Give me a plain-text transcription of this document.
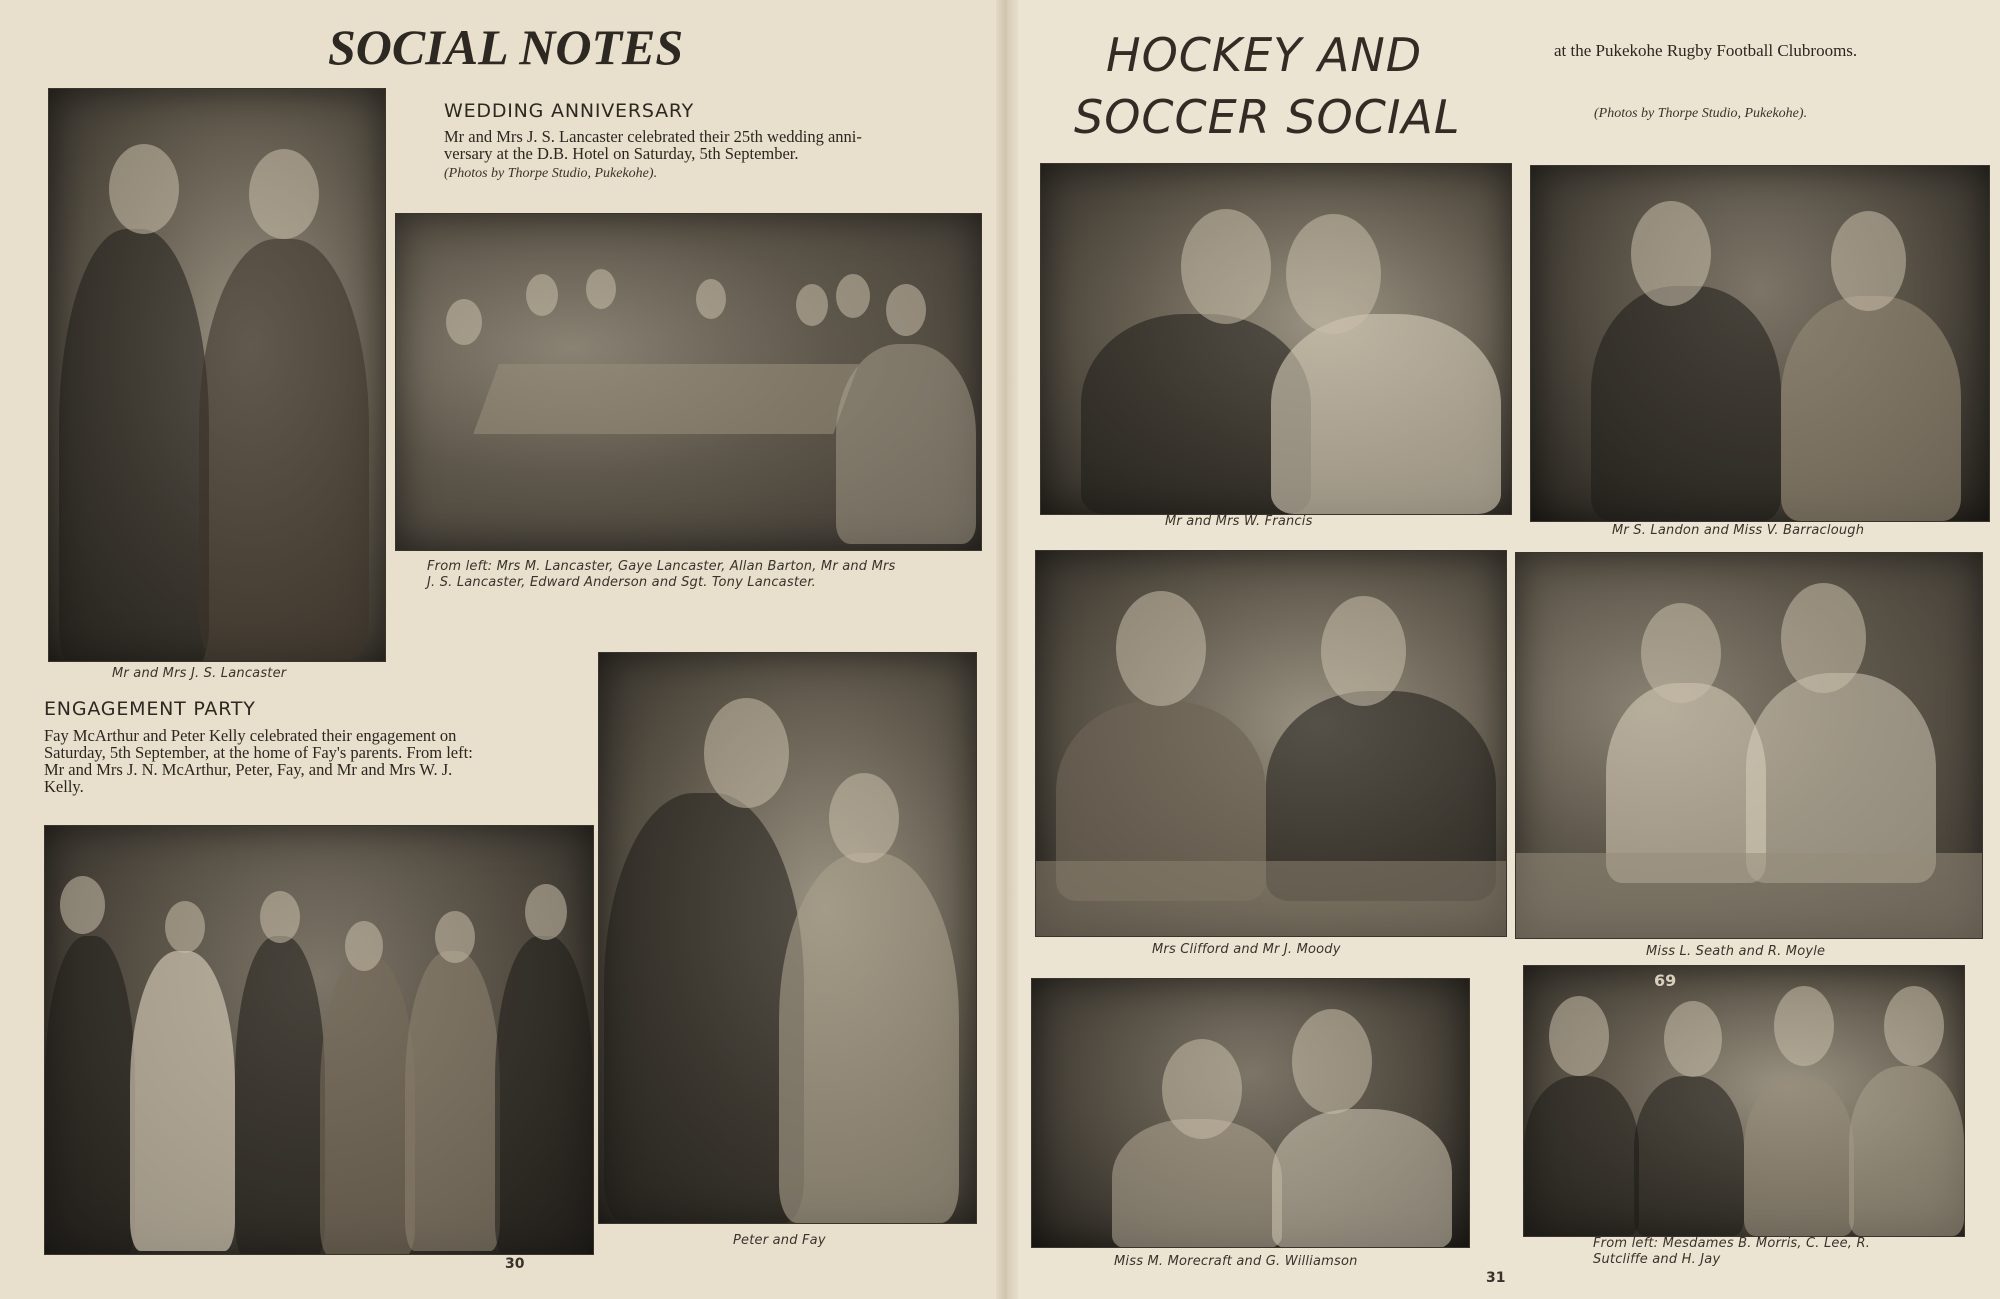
SOCIAL NOTES
Mr and Mrs J. S. Lancaster
WEDDING ANNIVERSARY
Mr and Mrs J. S. Lancaster celebrated their 25th wedding anni-
versary at the D.B. Hotel on Saturday, 5th September.
(Photos by Thorpe Studio, Pukekohe).
From left: Mrs M. Lancaster, Gaye Lancaster, Allan Barton, Mr and Mrs
J. S. Lancaster, Edward Anderson and Sgt. Tony Lancaster.
ENGAGEMENT PARTY
Fay McArthur and Peter Kelly celebrated their engagement on
Saturday, 5th September, at the home of Fay's parents. From left:
Mr and Mrs J. N. McArthur, Peter, Fay, and Mr and Mrs W. J.
Kelly.
Peter and Fay
30
HOCKEY AND
SOCCER SOCIAL
at the Pukekohe Rugby Football Clubrooms.
(Photos by Thorpe Studio, Pukekohe).
Mr and Mrs W. Francis
Mr S. Landon and Miss V. Barraclough
Mrs Clifford and Mr J. Moody	Miss L. Seath and R. Moyle
Miss M. Morecraft and G. Williamson
69
From left: Mesdames B. Morris, C. Lee, R.
Sutcliffe and H. Jay
31
